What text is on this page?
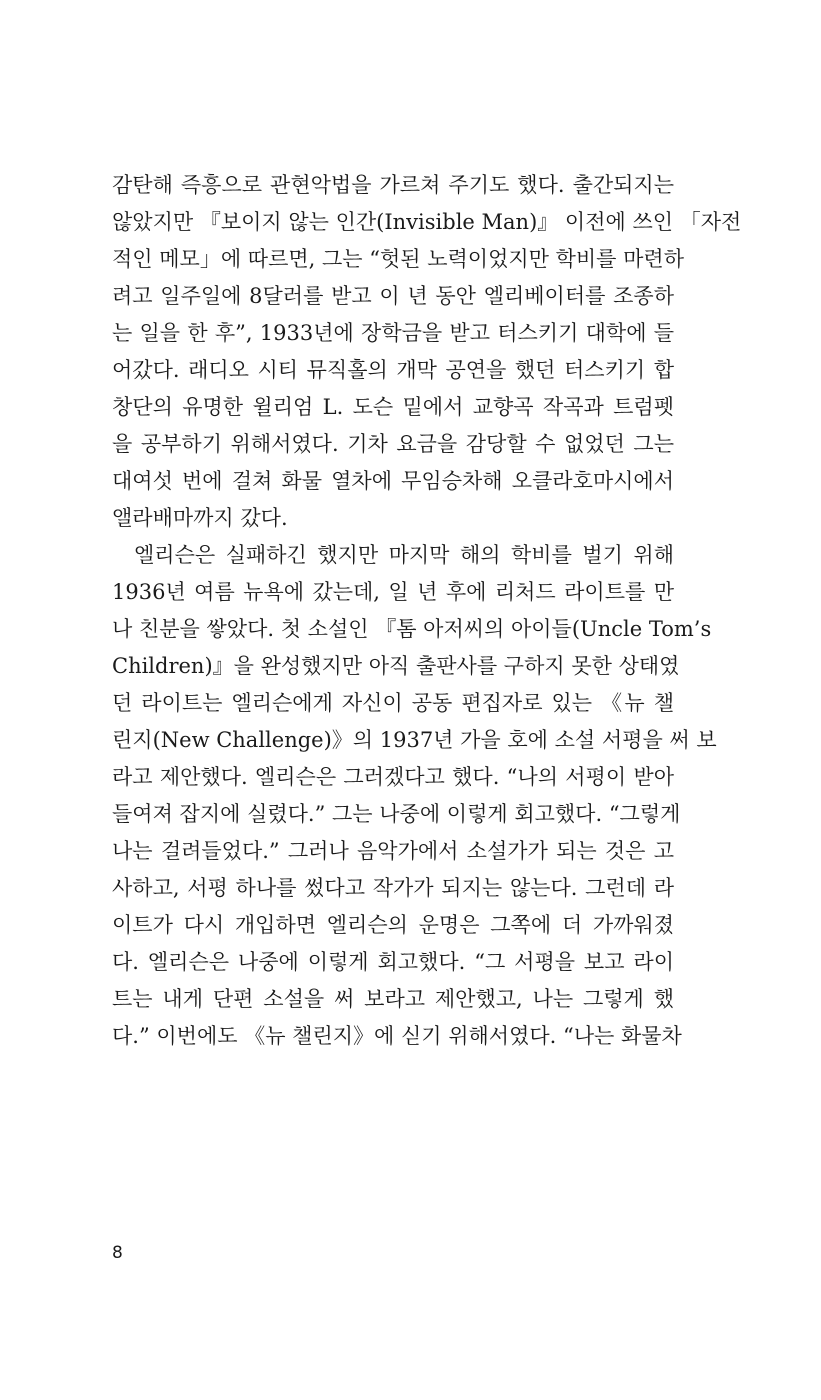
감탄해 즉흥으로 관현악법을 가르쳐 주기도 했다. 출간되지는
않았지만 『보이지 않는 인간(Invisible Man)』 이전에 쓰인 「자전
적인 메모」에 따르면, 그는 “헛된 노력이었지만 학비를 마련하
려고 일주일에 8달러를 받고 이 년 동안 엘리베이터를 조종하
는 일을 한 후”, 1933년에 장학금을 받고 터스키기 대학에 들
어갔다. 래디오 시티 뮤직홀의 개막 공연을 했던 터스키기 합
창단의 유명한 윌리엄 L. 도슨 밑에서 교향곡 작곡과 트럼펫
을 공부하기 위해서였다. 기차 요금을 감당할 수 없었던 그는
대여섯 번에 걸쳐 화물 열차에 무임승차해 오클라호마시에서
앨라배마까지 갔다.
엘리슨은 실패하긴 했지만 마지막 해의 학비를 벌기 위해
1936년 여름 뉴욕에 갔는데, 일 년 후에 리처드 라이트를 만
나 친분을 쌓았다. 첫 소설인 『톰 아저씨의 아이들(Uncle Tom’s
Children)』을 완성했지만 아직 출판사를 구하지 못한 상태였
던 라이트는 엘리슨에게 자신이 공동 편집자로 있는 《뉴 챌
린지(New Challenge)》의 1937년 가을 호에 소설 서평을 써 보
라고 제안했다. 엘리슨은 그러겠다고 했다. “나의 서평이 받아
들여져 잡지에 실렸다.” 그는 나중에 이렇게 회고했다. “그렇게
나는 걸려들었다.” 그러나 음악가에서 소설가가 되는 것은 고
사하고, 서평 하나를 썼다고 작가가 되지는 않는다. 그런데 라
이트가 다시 개입하면 엘리슨의 운명은 그쪽에 더 가까워졌
다. 엘리슨은 나중에 이렇게 회고했다. “그 서평을 보고 라이
트는 내게 단편 소설을 써 보라고 제안했고, 나는 그렇게 했
다.” 이번에도 《뉴 챌린지》에 싣기 위해서였다. “나는 화물차
8
